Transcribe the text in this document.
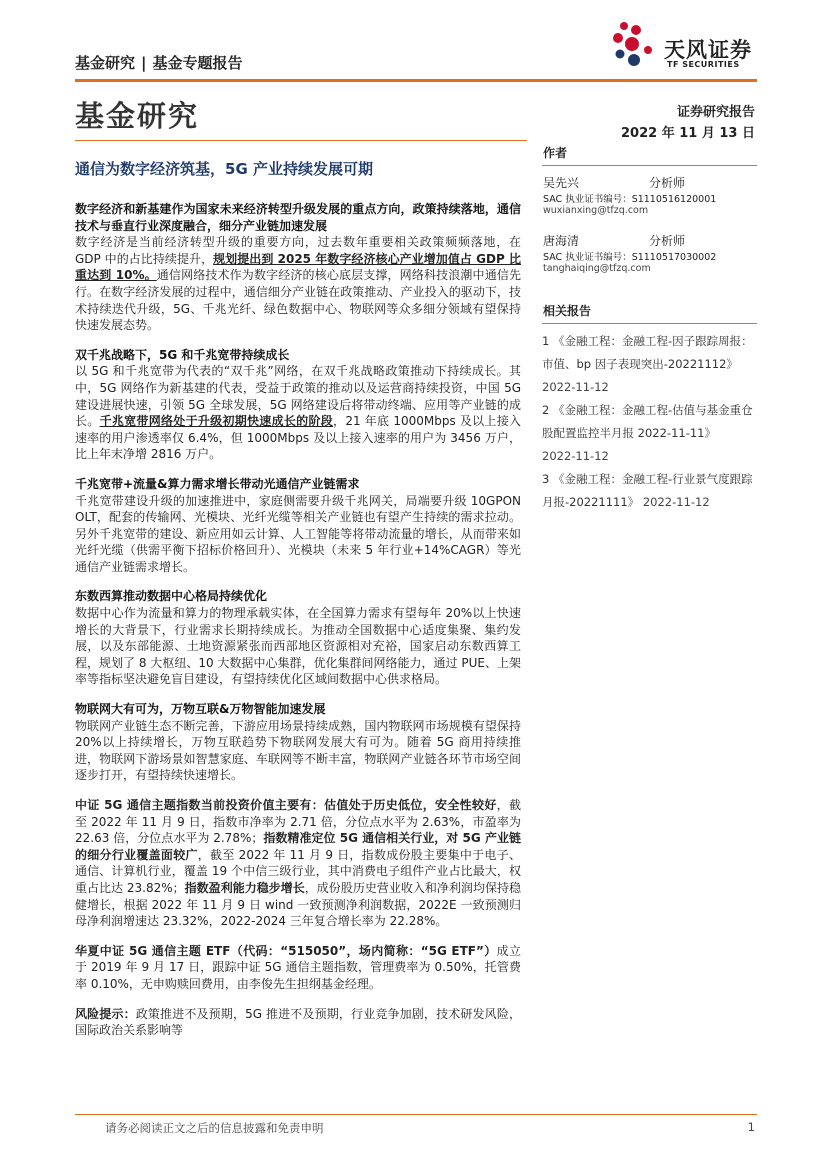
基金研究 | 基金专题报告
天风证券
TF SECURITIES
基金研究	证券研究报告
2022 年 11 月 13 日
通信为数字经济筑基，5G 产业持续发展可期
数字经济和新基建作为国家未来经济转型升级发展的重点方向，政策持续落地，通信技术与垂直行业深度融合，细分产业链加速发展
数字经济是当前经济转型升级的重要方向，过去数年重要相关政策频频落地，在 GDP 中的占比持续提升，规划提出到 2025 年数字经济核心产业增加值占 GDP 比重达到 10%。通信网络技术作为数字经济的核心底层支撑，网络科技浪潮中通信先行。在数字经济发展的过程中，通信细分产业链在政策推动、产业投入的驱动下，技术持续迭代升级，5G、千兆光纤、绿色数据中心、物联网等众多细分领域有望保持快速发展态势。
双千兆战略下，5G 和千兆宽带持续成长
以 5G 和千兆宽带为代表的“双千兆”网络，在双千兆战略政策推动下持续成长。其中，5G 网络作为新基建的代表，受益于政策的推动以及运营商持续投资，中国 5G 建设进展快速，引领 5G 全球发展，5G 网络建设后将带动终端、应用等产业链的成长。千兆宽带网络处于升级初期快速成长的阶段，21 年底 1000Mbps 及以上接入速率的用户渗透率仅 6.4%，但 1000Mbps 及以上接入速率的用户为 3456 万户，比上年末净增 2816 万户。
千兆宽带+流量&算力需求增长带动光通信产业链需求
千兆宽带建设升级的加速推进中，家庭侧需要升级千兆网关，局端要升级 10GPON OLT，配套的传输网、光模块、光纤光缆等相关产业链也有望产生持续的需求拉动。另外千兆宽带的建设、新应用如云计算、人工智能等将带动流量的增长，从而带来如光纤光缆（供需平衡下招标价格回升）、光模块（未来 5 年行业+14%CAGR）等光通信产业链需求增长。
东数西算推动数据中心格局持续优化
数据中心作为流量和算力的物理承载实体，在全国算力需求有望每年 20%以上快速增长的大背景下，行业需求长期持续成长。为推动全国数据中心适度集聚、集约发展，以及东部能源、土地资源紧张而西部地区资源相对充裕，国家启动东数西算工程，规划了 8 大枢纽、10 大数据中心集群，优化集群间网络能力，通过 PUE、上架率等指标坚决避免盲目建设，有望持续优化区域间数据中心供求格局。
物联网大有可为，万物互联&万物智能加速发展
物联网产业链生态不断完善，下游应用场景持续成熟，国内物联网市场规模有望保持 20%以上持续增长，万物互联趋势下物联网发展大有可为。随着 5G 商用持续推进，物联网下游场景如智慧家庭、车联网等不断丰富，物联网产业链各环节市场空间逐步打开，有望持续快速增长。
中证 5G 通信主题指数当前投资价值主要有：估值处于历史低位，安全性较好，截至 2022 年 11 月 9 日，指数市净率为 2.71 倍，分位点水平为 2.63%，市盈率为 22.63 倍，分位点水平为 2.78%；指数精准定位 5G 通信相关行业，对 5G 产业链的细分行业覆盖面较广，截至 2022 年 11 月 9 日，指数成份股主要集中于电子、通信、计算机行业，覆盖 19 个中信三级行业，其中消费电子组件产业占比最大，权重占比达 23.82%；指数盈利能力稳步增长，成份股历史营业收入和净利润均保持稳健增长，根据 2022 年 11 月 9 日 wind 一致预测净利润数据，2022E 一致预测归母净利润增速达 23.32%，2022-2024 三年复合增长率为 22.28%。
华夏中证 5G 通信主题 ETF（代码：“515050”，场内简称：“5G ETF”）成立于 2019 年 9 月 17 日，跟踪中证 5G 通信主题指数，管理费率为 0.50%，托管费率 0.10%，无申购赎回费用，由李俊先生担纲基金经理。
风险提示：政策推进不及预期，5G 推进不及预期，行业竞争加剧，技术研发风险，国际政治关系影响等
作者
吴先兴	分析师
SAC 执业证书编号：S1110516120001
wuxianxing@tfzq.com
唐海清	分析师
SAC 执业证书编号：S1110517030002
tanghaiqing@tfzq.com
相关报告
1 《金融工程：金融工程-因子跟踪周报：市值、bp 因子表现突出-20221112》
2022-11-12
2 《金融工程：金融工程-估值与基金重仓股配置监控半月报 2022-11-11》
2022-11-12
3 《金融工程：金融工程-行业景气度跟踪月报-20221111》 2022-11-12
请务必阅读正文之后的信息披露和免责申明	1
